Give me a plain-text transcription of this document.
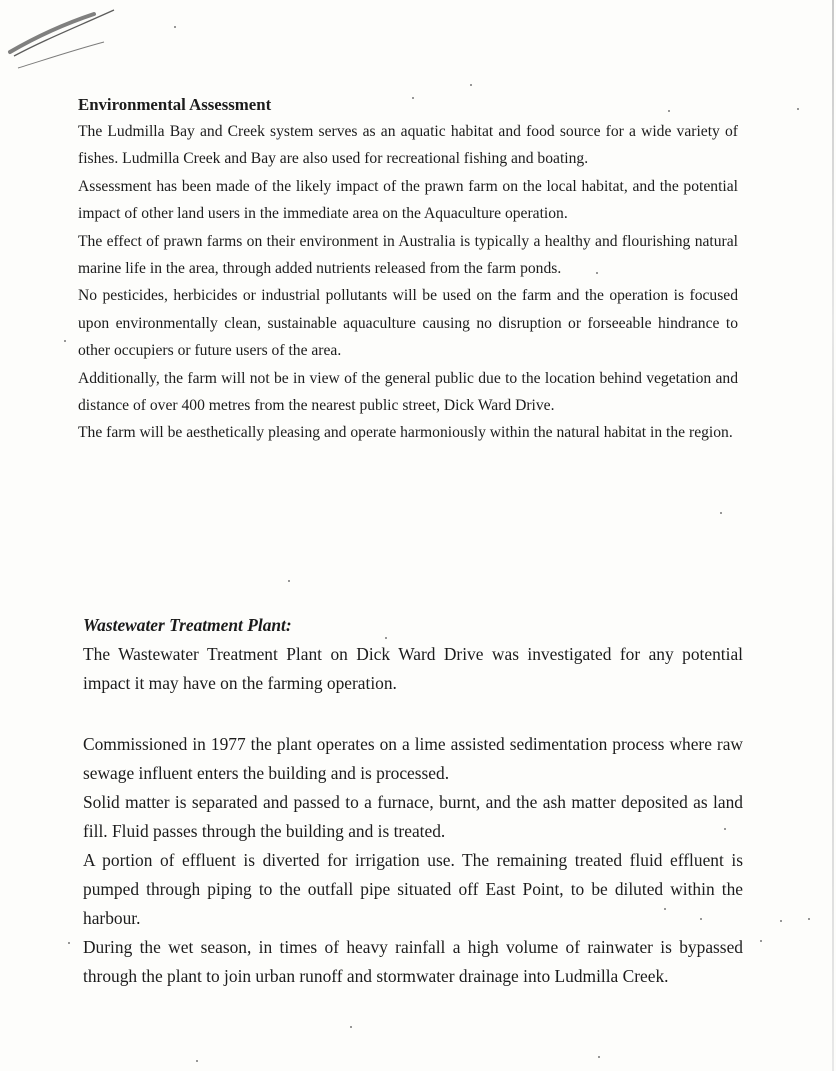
Environmental Assessment

The Ludmilla Bay and Creek system serves as an aquatic habitat and food source for a wide variety of fishes. Ludmilla Creek and Bay are also used for recreational fishing and boating.

Assessment has been made of the likely impact of the prawn farm on the local habitat, and the potential impact of other land users in the immediate area on the Aquaculture operation.

The effect of prawn farms on their environment in Australia is typically a healthy and flourishing natural marine life in the area, through added nutrients released from the farm ponds.

No pesticides, herbicides or industrial pollutants will be used on the farm and the operation is focused upon environmentally clean, sustainable aquaculture causing no disruption or forseeable hindrance to other occupiers or future users of the area.

Additionally, the farm will not be in view of the general public due to the location behind vegetation and distance of over 400 metres from the nearest public street, Dick Ward Drive.

The farm will be aesthetically pleasing and operate harmoniously within the natural habitat in the region.

Wastewater Treatment Plant:

The Wastewater Treatment Plant on Dick Ward Drive was investigated for any potential impact it may have on the farming operation.

Commissioned in 1977 the plant operates on a lime assisted sedimentation process where raw sewage influent enters the building and is processed.

Solid matter is separated and passed to a furnace, burnt, and the ash matter deposited as land fill. Fluid passes through the building and is treated.

A portion of effluent is diverted for irrigation use. The remaining treated fluid effluent is pumped through piping to the outfall pipe situated off East Point, to be diluted within the harbour.

During the wet season, in times of heavy rainfall a high volume of rainwater is bypassed through the plant to join urban runoff and stormwater drainage into Ludmilla Creek.
